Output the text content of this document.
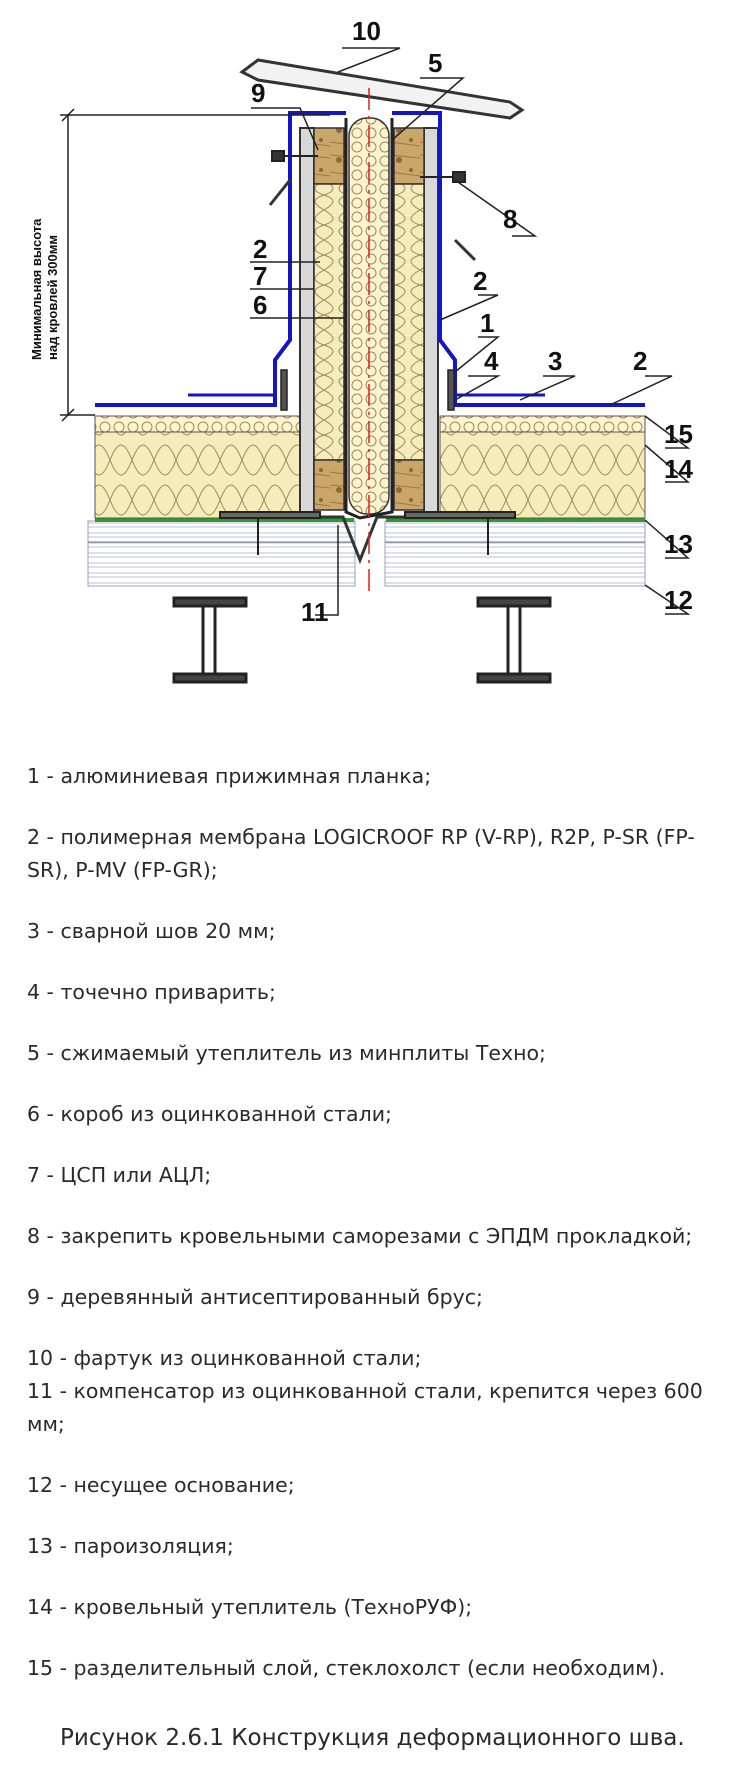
Минимальная высота над кровлей 300мм
10
5
9
8
2
7
6
2
1
4 3	2
15
14
13
12
11
1 - алюминиевая прижимная планка;
2 - полимерная мембрана LOGICROOF RP (V-RP), R2P, P-SR (FP-SR), P-MV (FP-GR);
3 - сварной шов 20 мм;
4 - точечно приварить;
5 - сжимаемый утеплитель из минплиты Техно;
6 - короб из оцинкованной стали;
7 - ЦСП или АЦЛ;
8 - закрепить кровельными саморезами с ЭПДМ прокладкой;
9 - деревянный антисептированный брус;
10 - фартук из оцинкованной стали;
11 - компенсатор из оцинкованной стали, крепится через 600 мм;
12 - несущее основание;
13 - пароизоляция;
14 - кровельный утеплитель (ТехноРУФ);
15 - разделительный слой, стеклохолст (если необходим).
Рисунок 2.6.1 Конструкция деформационного шва.
